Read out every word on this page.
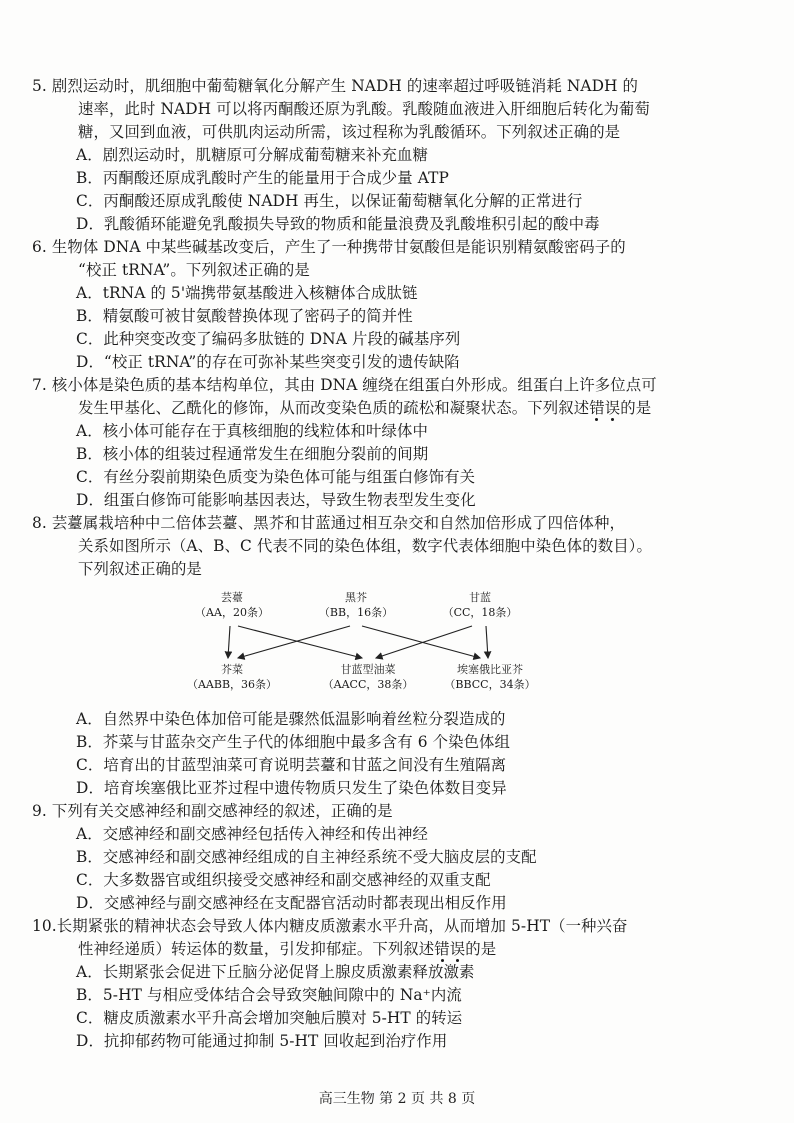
5. 剧烈运动时，肌细胞中葡萄糖氧化分解产生 NADH 的速率超过呼吸链消耗 NADH 的
速率，此时 NADH 可以将丙酮酸还原为乳酸。乳酸随血液进入肝细胞后转化为葡萄
糖，又回到血液，可供肌肉运动所需，该过程称为乳酸循环。下列叙述正确的是
A．剧烈运动时，肌糖原可分解成葡萄糖来补充血糖
B．丙酮酸还原成乳酸时产生的能量用于合成少量 ATP
C．丙酮酸还原成乳酸使 NADH 再生，以保证葡萄糖氧化分解的正常进行
D．乳酸循环能避免乳酸损失导致的物质和能量浪费及乳酸堆积引起的酸中毒
6. 生物体 DNA 中某些碱基改变后，产生了一种携带甘氨酸但是能识别精氨酸密码子的
“校正 tRNA”。下列叙述正确的是
A．tRNA 的 5'端携带氨基酸进入核糖体合成肽链
B．精氨酸可被甘氨酸替换体现了密码子的简并性
C．此种突变改变了编码多肽链的 DNA 片段的碱基序列
D．“校正 tRNA”的存在可弥补某些突变引发的遗传缺陷
7. 核小体是染色质的基本结构单位，其由 DNA 缠绕在组蛋白外形成。组蛋白上许多位点可
发生甲基化、乙酰化的修饰，从而改变染色质的疏松和凝聚状态。下列叙述错误的是
A．核小体可能存在于真核细胞的线粒体和叶绿体中
B．核小体的组装过程通常发生在细胞分裂前的间期
C．有丝分裂前期染色质变为染色体可能与组蛋白修饰有关
D．组蛋白修饰可能影响基因表达，导致生物表型发生变化
8. 芸薹属栽培种中二倍体芸薹、黑芥和甘蓝通过相互杂交和自然加倍形成了四倍体种，
关系如图所示（A、B、C 代表不同的染色体组，数字代表体细胞中染色体的数目）。
下列叙述正确的是
A．自然界中染色体加倍可能是骤然低温影响着丝粒分裂造成的
B．芥菜与甘蓝杂交产生子代的体细胞中最多含有 6 个染色体组
C．培育出的甘蓝型油菜可育说明芸薹和甘蓝之间没有生殖隔离
D．培育埃塞俄比亚芥过程中遗传物质只发生了染色体数目变异
9. 下列有关交感神经和副交感神经的叙述，正确的是
A．交感神经和副交感神经包括传入神经和传出神经
B．交感神经和副交感神经组成的自主神经系统不受大脑皮层的支配
C．大多数器官或组织接受交感神经和副交感神经的双重支配
D．交感神经与副交感神经在支配器官活动时都表现出相反作用
10.长期紧张的精神状态会导致人体内糖皮质激素水平升高，从而增加 5-HT（一种兴奋
性神经递质）转运体的数量，引发抑郁症。下列叙述错误的是
A．长期紧张会促进下丘脑分泌促肾上腺皮质激素释放激素
B．5-HT 与相应受体结合会导致突触间隙中的 Na⁺内流
C．糖皮质激素水平升高会增加突触后膜对 5-HT 的转运
D．抗抑郁药物可能通过抑制 5-HT 回收起到治疗作用
芸薹
（AA，20条）
黑芥
（BB，16条）
甘蓝
（CC，18条）
芥菜
（AABB，36条）
甘蓝型油菜
（AACC，38条）
埃塞俄比亚芥
（BBCC，34条）
高三生物 第 2 页 共 8 页
